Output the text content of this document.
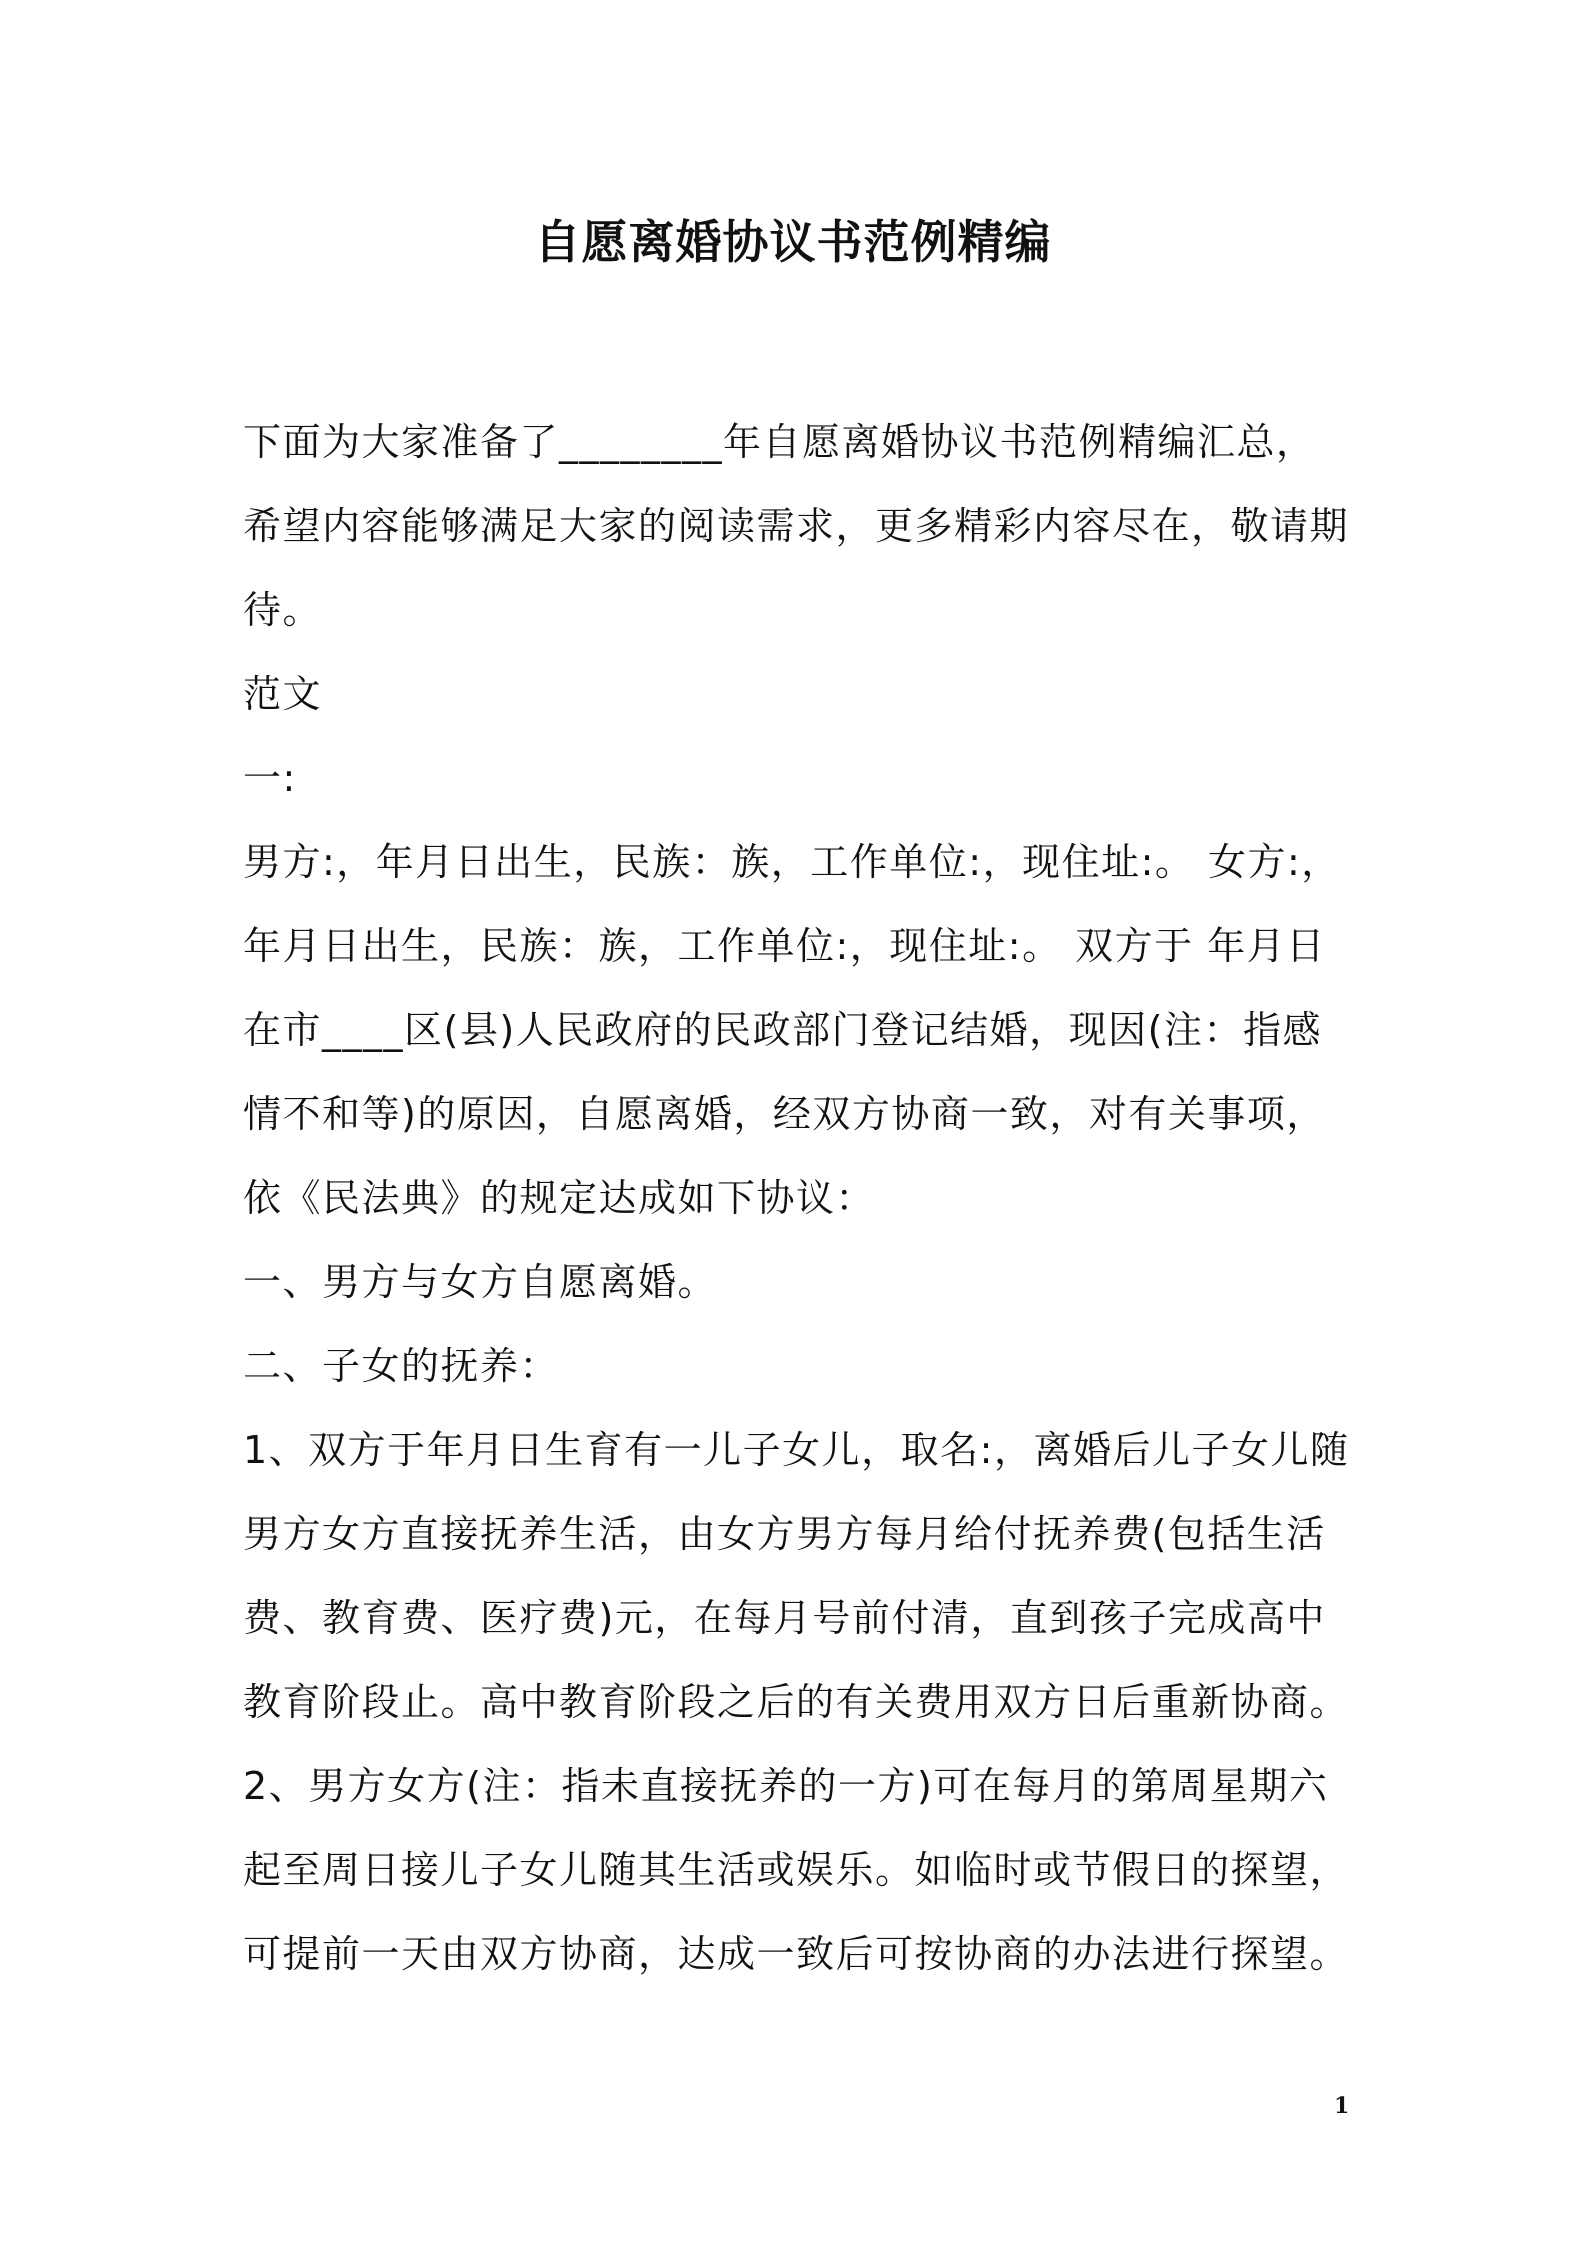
自愿离婚协议书范例精编
下面为大家准备了________年自愿离婚协议书范例精编汇总，
希望内容能够满足大家的阅读需求，更多精彩内容尽在，敬请期
待。
范文
一:
男方:，年月日出生，民族：族，工作单位:，现住址:。 女方:，
年月日出生，民族：族，工作单位:，现住址:。 双方于 年月日
在市____区(县)人民政府的民政部门登记结婚，现因(注：指感
情不和等)的原因，自愿离婚，经双方协商一致，对有关事项，
依《民法典》的规定达成如下协议：
一、男方与女方自愿离婚。
二、子女的抚养：
1、双方于年月日生育有一儿子女儿，取名:，离婚后儿子女儿随
男方女方直接抚养生活，由女方男方每月给付抚养费(包括生活
费、教育费、医疗费)元，在每月号前付清，直到孩子完成高中
教育阶段止。高中教育阶段之后的有关费用双方日后重新协商。
2、男方女方(注：指未直接抚养的一方)可在每月的第周星期六
起至周日接儿子女儿随其生活或娱乐。如临时或节假日的探望，
可提前一天由双方协商，达成一致后可按协商的办法进行探望。
1
